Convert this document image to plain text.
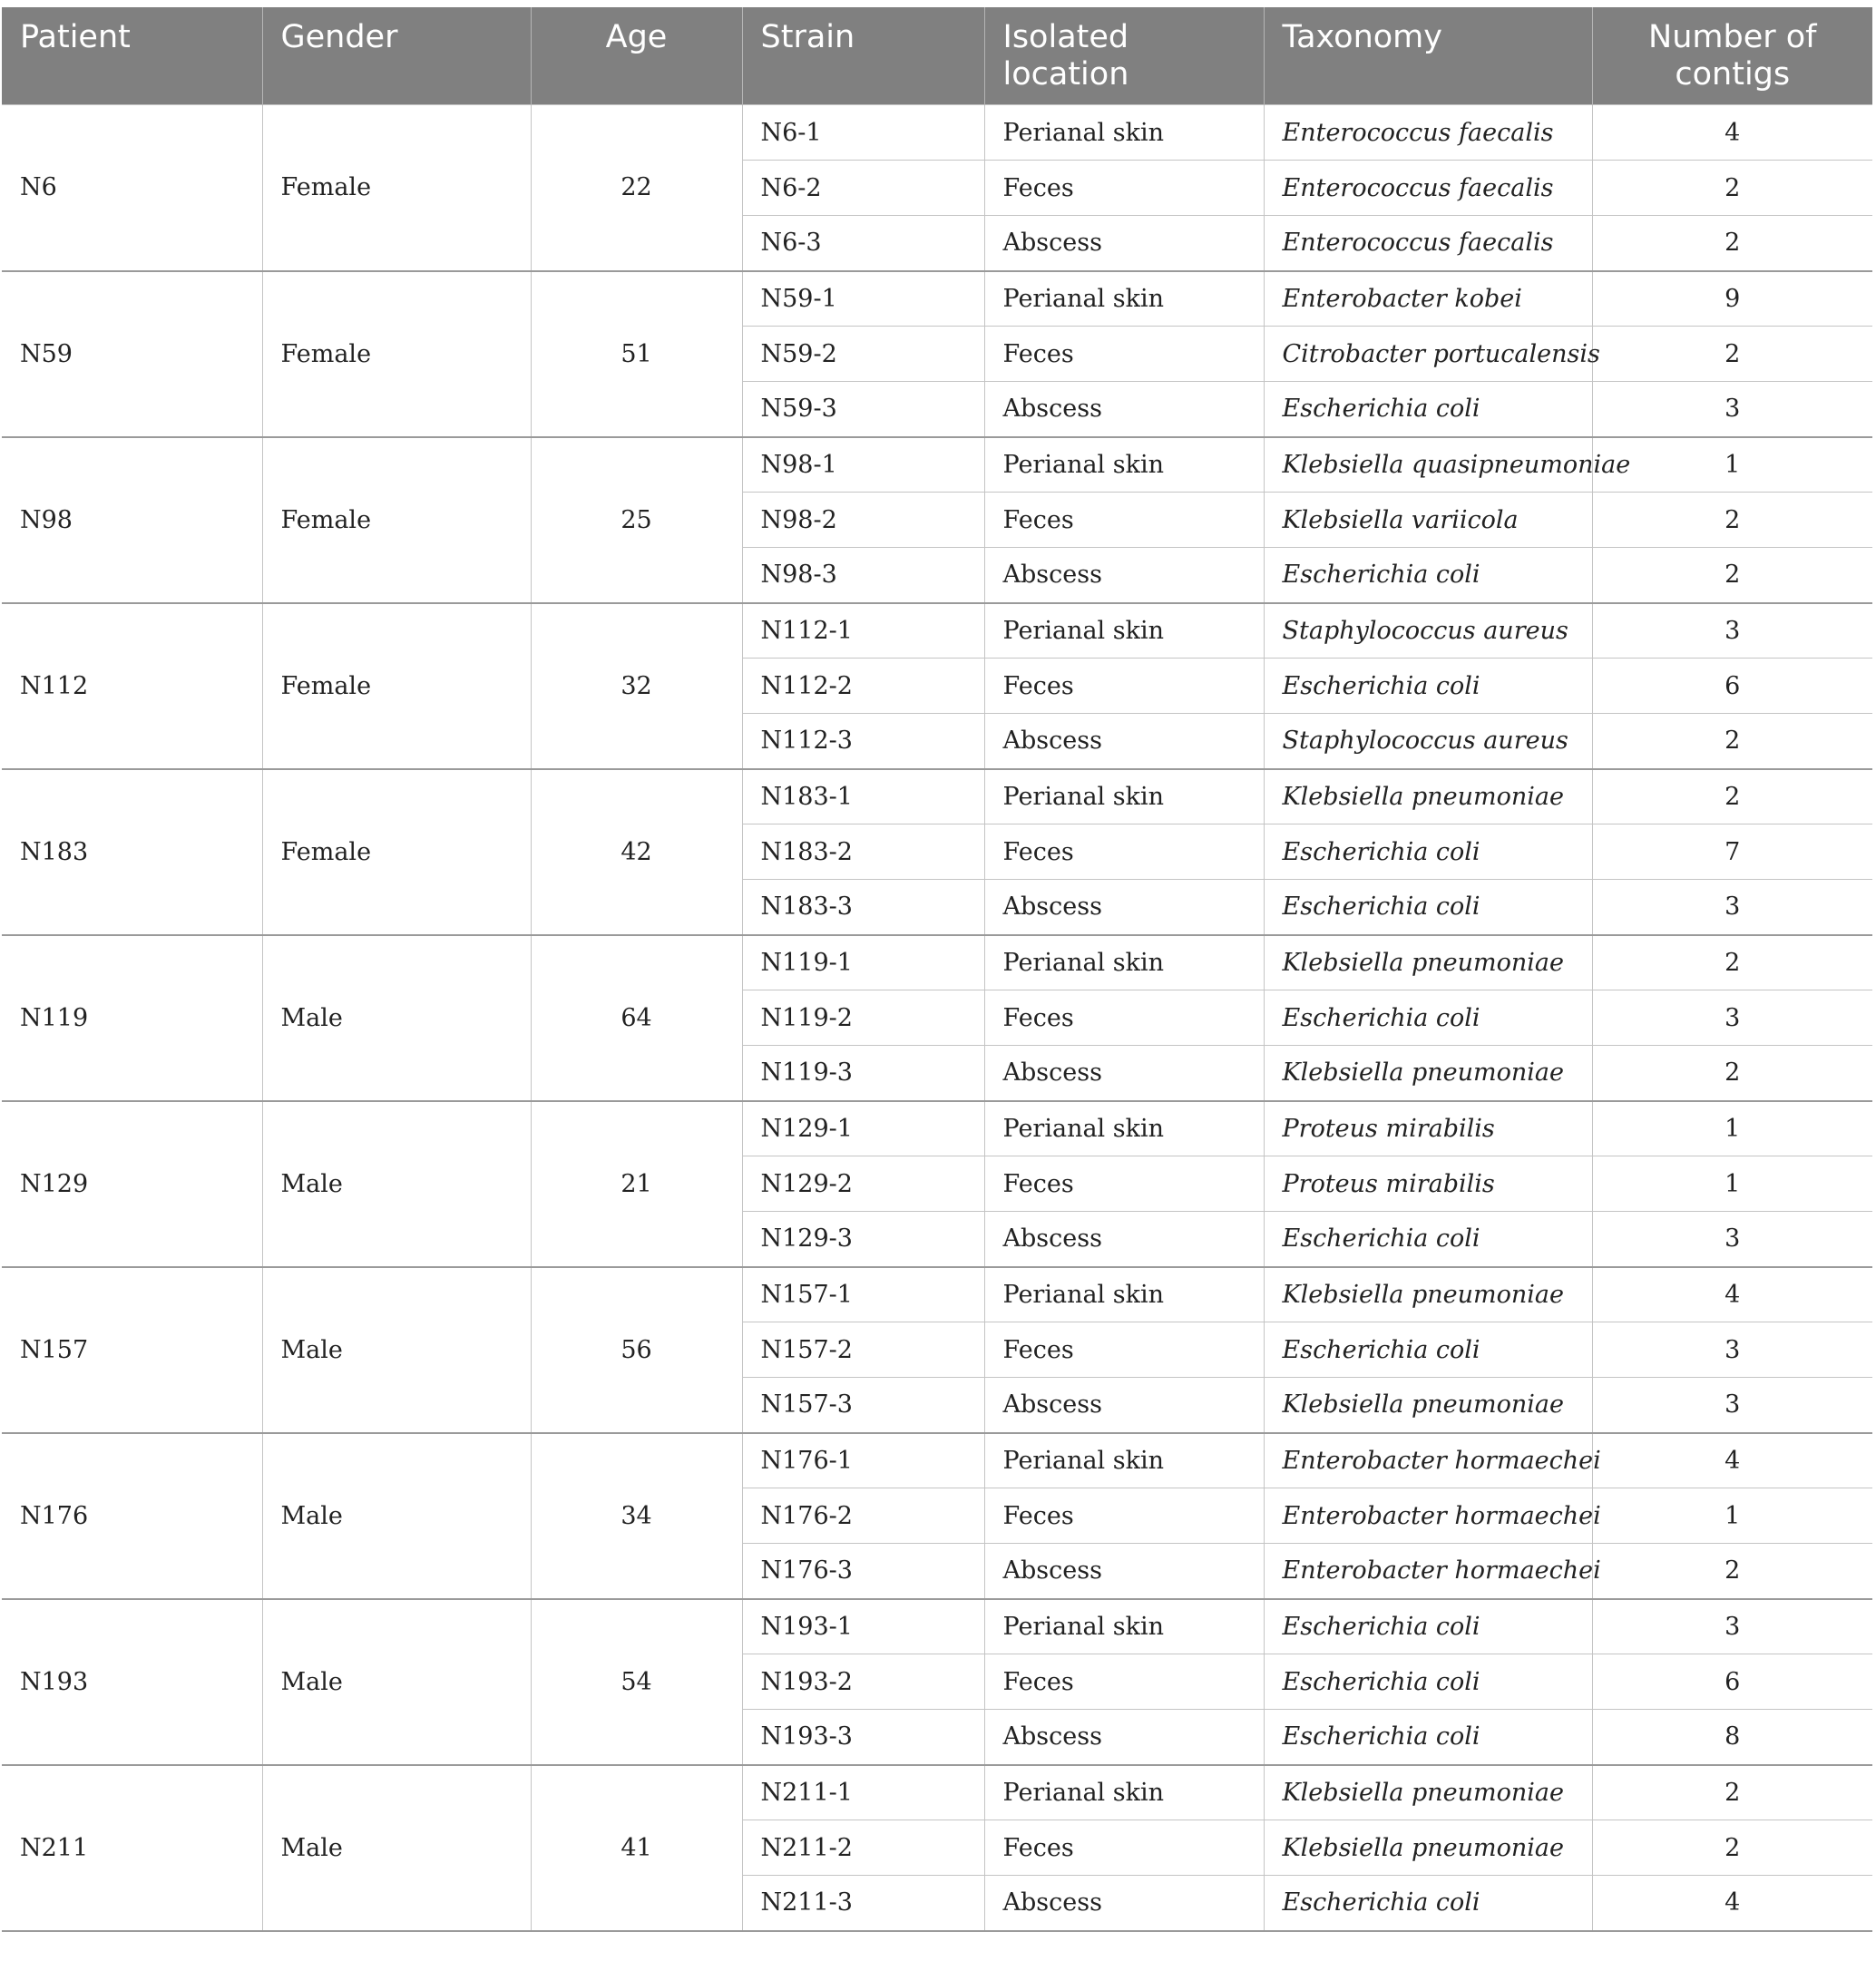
Patient	Gender	Age	Strain	Isolated location	Taxonomy	Number of contigs
N6	Female	22	N6-1	Perianal skin	Enterococcus faecalis	4
			N6-2	Feces	Enterococcus faecalis	2
			N6-3	Abscess	Enterococcus faecalis	2
N59	Female	51	N59-1	Perianal skin	Enterobacter kobei	9
			N59-2	Feces	Citrobacter portucalensis	2
			N59-3	Abscess	Escherichia coli	3
N98	Female	25	N98-1	Perianal skin	Klebsiella quasipneumoniae	1
			N98-2	Feces	Klebsiella variicola	2
			N98-3	Abscess	Escherichia coli	2
N112	Female	32	N112-1	Perianal skin	Staphylococcus aureus	3
			N112-2	Feces	Escherichia coli	6
			N112-3	Abscess	Staphylococcus aureus	2
N183	Female	42	N183-1	Perianal skin	Klebsiella pneumoniae	2
			N183-2	Feces	Escherichia coli	7
			N183-3	Abscess	Escherichia coli	3
N119	Male	64	N119-1	Perianal skin	Klebsiella pneumoniae	2
			N119-2	Feces	Escherichia coli	3
			N119-3	Abscess	Klebsiella pneumoniae	2
N129	Male	21	N129-1	Perianal skin	Proteus mirabilis	1
			N129-2	Feces	Proteus mirabilis	1
			N129-3	Abscess	Escherichia coli	3
N157	Male	56	N157-1	Perianal skin	Klebsiella pneumoniae	4
			N157-2	Feces	Escherichia coli	3
			N157-3	Abscess	Klebsiella pneumoniae	3
N176	Male	34	N176-1	Perianal skin	Enterobacter hormaechei	4
			N176-2	Feces	Enterobacter hormaechei	1
			N176-3	Abscess	Enterobacter hormaechei	2
N193	Male	54	N193-1	Perianal skin	Escherichia coli	3
			N193-2	Feces	Escherichia coli	6
			N193-3	Abscess	Escherichia coli	8
N211	Male	41	N211-1	Perianal skin	Klebsiella pneumoniae	2
			N211-2	Feces	Klebsiella pneumoniae	2
			N211-3	Abscess	Escherichia coli	4
